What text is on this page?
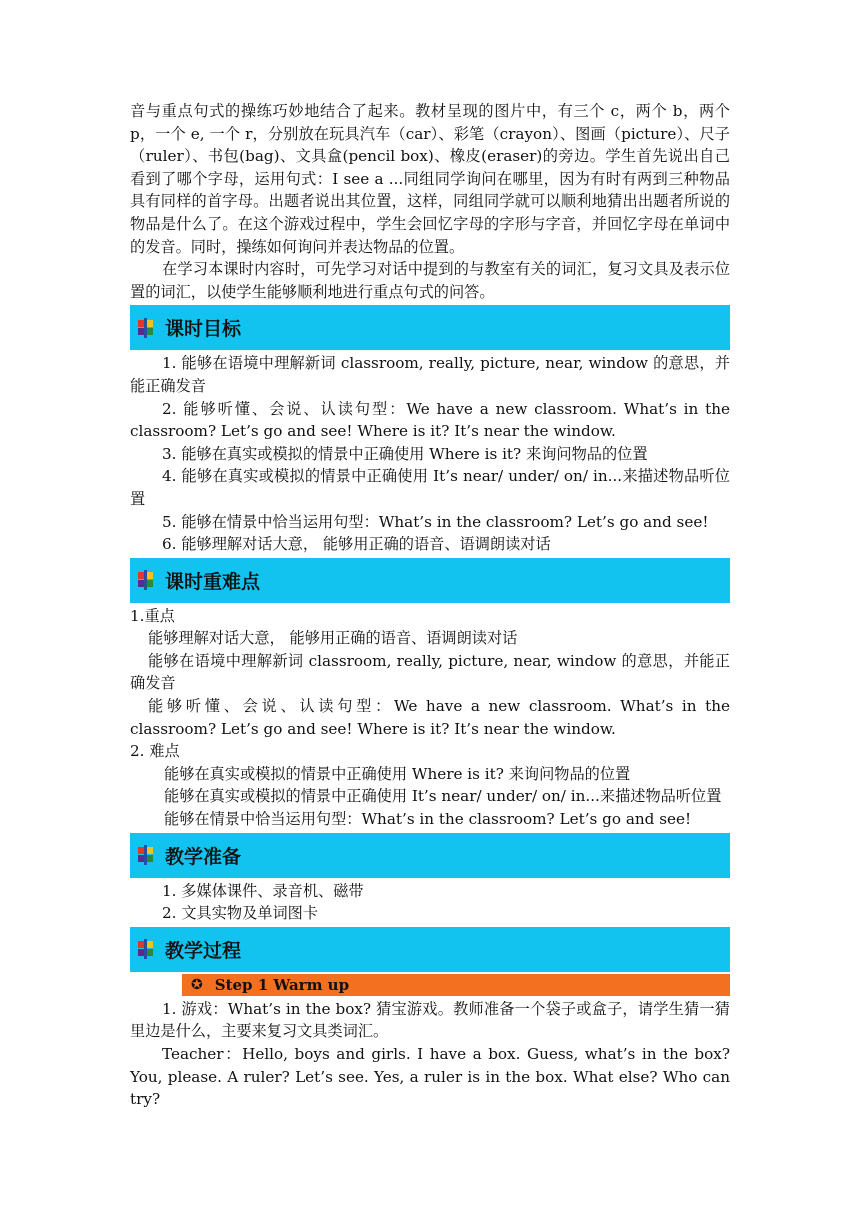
音与重点句式的操练巧妙地结合了起来。教材呈现的图片中，有三个 c，两个 b，两个 p，一个 e, 一个 r，分别放在玩具汽车（car）、彩笔（crayon）、图画（picture）、尺子（ruler）、书包(bag)、文具盒(pencil box)、橡皮(eraser)的旁边。学生首先说出自己看到了哪个字母，运用句式：I see a ...同组同学询问在哪里，因为有时有两到三种物品具有同样的首字母。出题者说出其位置，这样，同组同学就可以顺利地猜出出题者所说的物品是什么了。在这个游戏过程中，学生会回忆字母的字形与字音，并回忆字母在单词中的发音。同时，操练如何询问并表达物品的位置。

在学习本课时内容时，可先学习对话中提到的与教室有关的词汇，复习文具及表示位置的词汇，以使学生能够顺利地进行重点句式的问答。

课时目标

1. 能够在语境中理解新词 classroom, really, picture, near, window 的意思，并能正确发音

2. 能够听懂、会说、认读句型：We have a new classroom. What’s in the classroom? Let’s go and see! Where is it? It’s near the window.

3. 能够在真实或模拟的情景中正确使用 Where is it? 来询问物品的位置

4. 能够在真实或模拟的情景中正确使用 It’s near/ under/ on/ in...来描述物品听位置

5. 能够在情景中恰当运用句型：What’s in the classroom? Let’s go and see!

6. 能够理解对话大意， 能够用正确的语音、语调朗读对话

课时重难点

1.重点

能够理解对话大意， 能够用正确的语音、语调朗读对话

能够在语境中理解新词 classroom, really, picture, near, window 的意思，并能正确发音

能够听懂、会说、认读句型：We have a new classroom. What’s in the classroom? Let’s go and see! Where is it? It’s near the window.

2. 难点

能够在真实或模拟的情景中正确使用 Where is it? 来询问物品的位置

能够在真实或模拟的情景中正确使用 It’s near/ under/ on/ in...来描述物品听位置

能够在情景中恰当运用句型：What’s in the classroom? Let’s go and see!

教学准备

1. 多媒体课件、录音机、磁带

2. 文具实物及单词图卡

教学过程
✪ Step 1 Warm up

1. 游戏：What’s in the box? 猜宝游戏。教师准备一个袋子或盒子，请学生猜一猜里边是什么，主要来复习文具类词汇。

Teacher：Hello, boys and girls. I have a box. Guess, what’s in the box? You, please. A ruler? Let’s see. Yes, a ruler is in the box. What else? Who can try?
